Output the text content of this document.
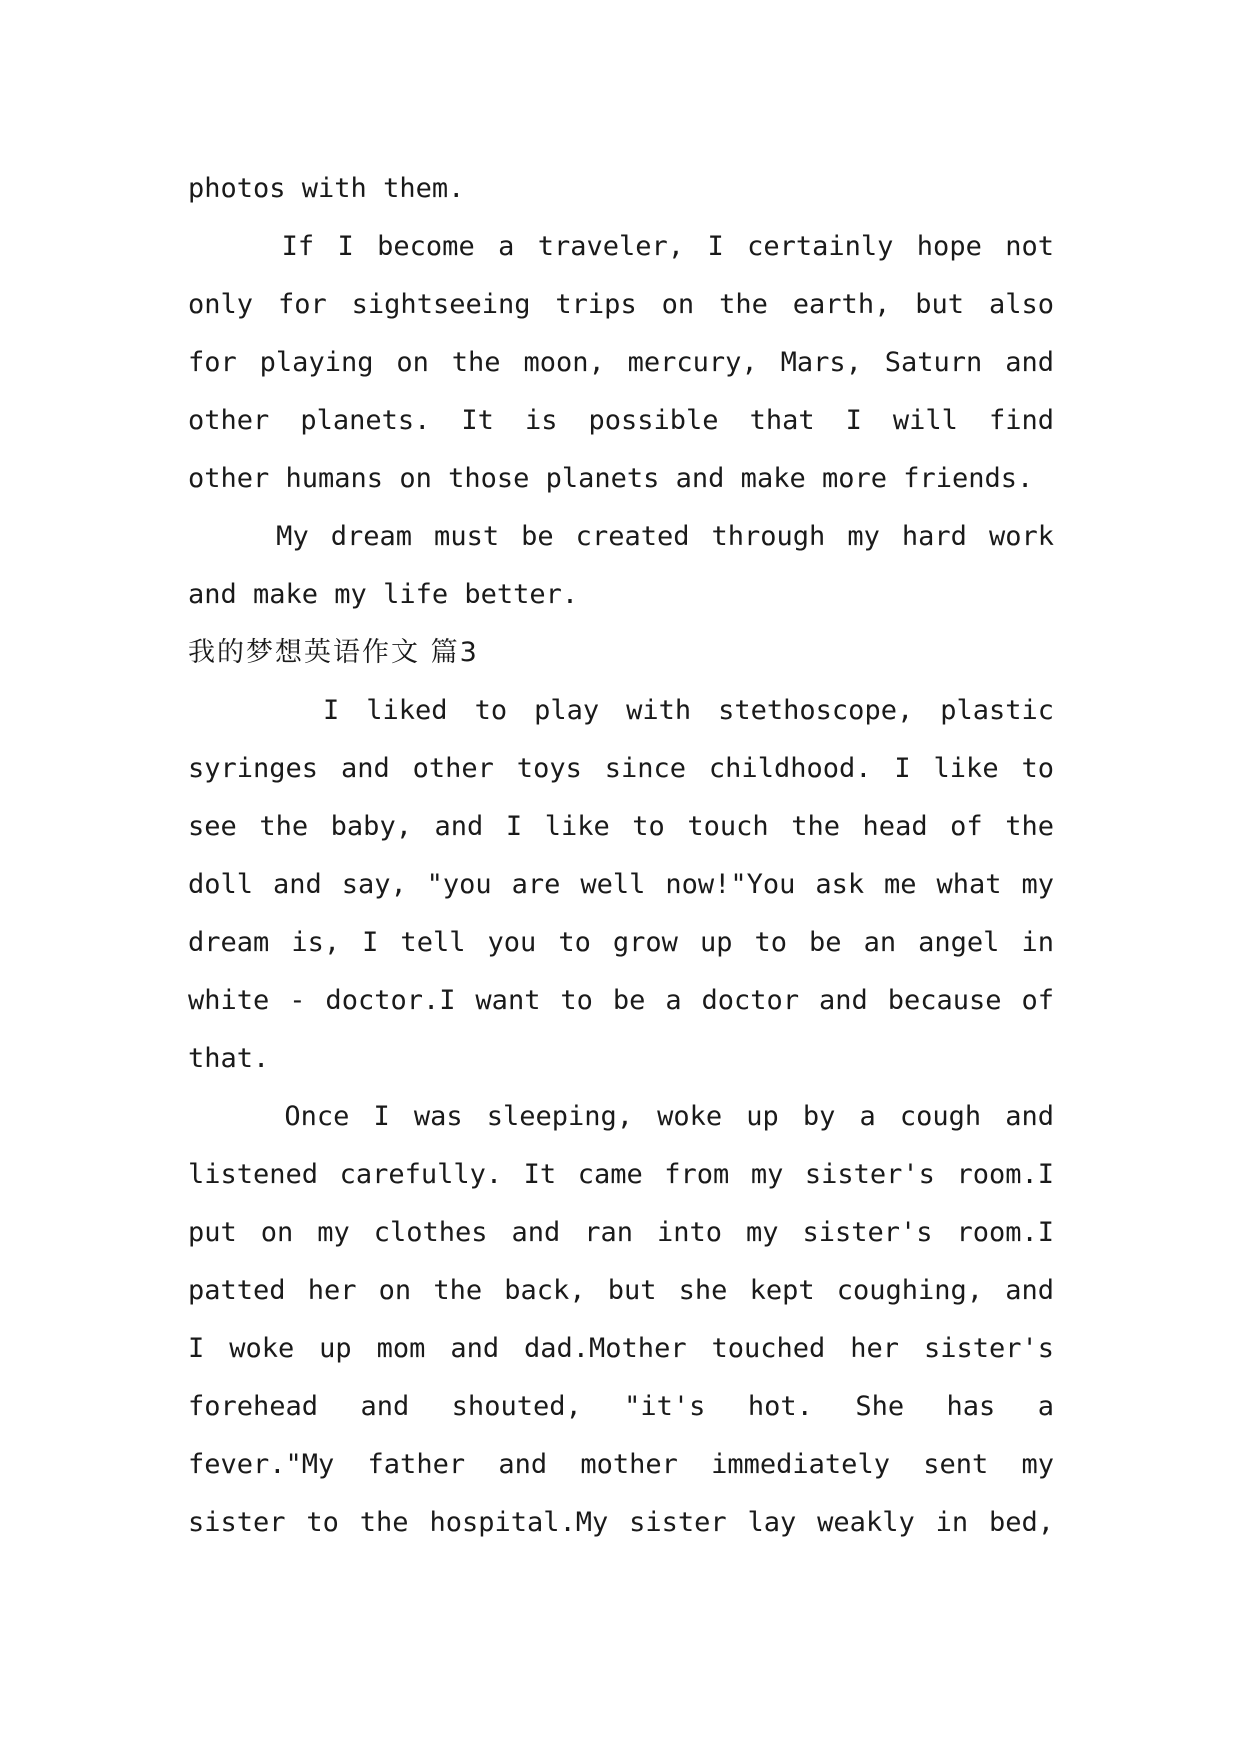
photos with them.
If I become a traveler, I certainly hope not
only for sightseeing trips on the earth, but also
for playing on the moon, mercury, Mars, Saturn and
other planets. It is possible that I will find
other humans on those planets and make more friends.
My dream must be created through my hard work
and make my life better.
我的梦想英语作文 篇3
I liked to play with stethoscope, plastic
syringes and other toys since childhood. I like to
see the baby, and I like to touch the head of the
doll and say, "you are well now!"You ask me what my
dream is, I tell you to grow up to be an angel in
white - doctor.I want to be a doctor and because of
that.
Once I was sleeping, woke up by a cough and
listened carefully. It came from my sister's room.I
put on my clothes and ran into my sister's room.I
patted her on the back, but she kept coughing, and
I woke up mom and dad.Mother touched her sister's
forehead and shouted, "it's hot. She has a
fever."My father and mother immediately sent my
sister to the hospital.My sister lay weakly in bed,
